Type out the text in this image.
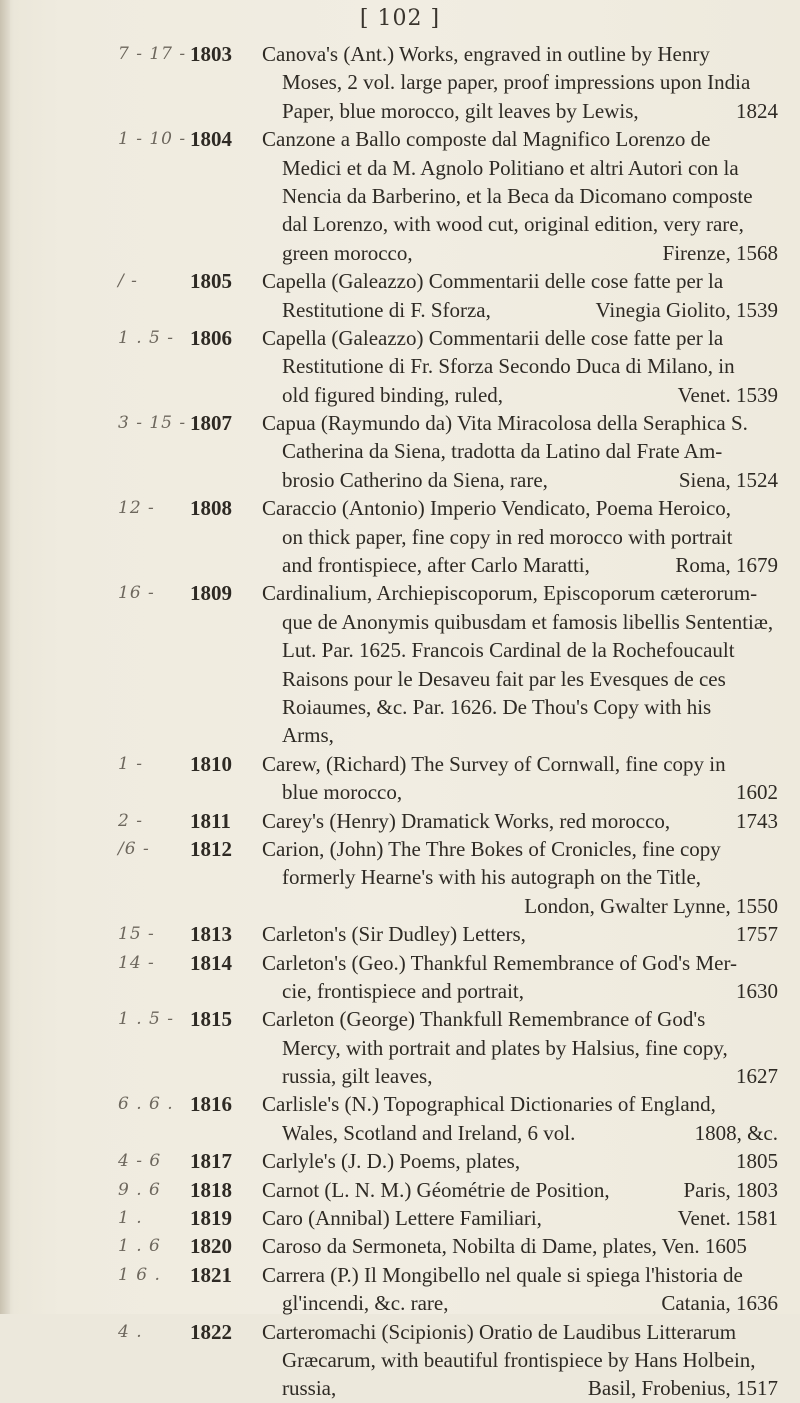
[ 102 ]
7 - 17 - 1803	Canova's (Ant.) Works, engraved in outline by Henry
Moses, 2 vol. large paper, proof impressions upon India
Paper, blue morocco, gilt leaves by Lewis,	1824
1 - 10 - 1804	Canzone a Ballo composte dal Magnifico Lorenzo de
Medici et da M. Agnolo Politiano et altri Autori con la
Nencia da Barberino, et la Beca da Dicomano composte
dal Lorenzo, with wood cut, original edition, very rare,
green morocco,	Firenze, 1568
/ -	1805	Capella (Galeazzo) Commentarii delle cose fatte per la
Restitutione di F. Sforza,	Vinegia Giolito, 1539
1 . 5 - 1806	Capella (Galeazzo) Commentarii delle cose fatte per la
Restitutione di Fr. Sforza Secondo Duca di Milano, in
old figured binding, ruled,	Venet. 1539
3 - 15 - 1807	Capua (Raymundo da) Vita Miracolosa della Seraphica S.
Catherina da Siena, tradotta da Latino dal Frate Am-
brosio Catherino da Siena, rare,	Siena, 1524
12 -	1808	Caraccio (Antonio) Imperio Vendicato, Poema Heroico,
on thick paper, fine copy in red morocco with portrait
and frontispiece, after Carlo Maratti,	Roma, 1679
16 -	1809	Cardinalium, Archiepiscoporum, Episcoporum cæterorum-
que de Anonymis quibusdam et famosis libellis Sententiæ,
Lut. Par. 1625. Francois Cardinal de la Rochefoucault
Raisons pour le Desaveu fait par les Evesques de ces
Roiaumes, &c. Par. 1626. De Thou's Copy with his
Arms,
1 -	1810	Carew, (Richard) The Survey of Cornwall, fine copy in
blue morocco,	1602
2 -	1811	Carey's (Henry) Dramatick Works, red morocco,	1743
/6 -	1812	Carion, (John) The Thre Bokes of Cronicles, fine copy
formerly Hearne's with his autograph on the Title,
London, Gwalter Lynne, 1550
15 -	1813	Carleton's (Sir Dudley) Letters,	1757
14 -	1814	Carleton's (Geo.) Thankful Remembrance of God's Mer-
cie, frontispiece and portrait,	1630
1 . 5 - 1815	Carleton (George) Thankfull Remembrance of God's
Mercy, with portrait and plates by Halsius, fine copy,
russia, gilt leaves,	1627
6 . 6 . 1816	Carlisle's (N.) Topographical Dictionaries of England,
Wales, Scotland and Ireland, 6 vol.	1808, &c.
4 - 6	1817	Carlyle's (J. D.) Poems, plates,	1805
9 . 6	1818	Carnot (L. N. M.) Géométrie de Position,	Paris, 1803
1 .	1819	Caro (Annibal) Lettere Familiari,	Venet. 1581
1 . 6	1820	Caroso da Sermoneta, Nobilta di Dame, plates, Ven. 1605
1 6 .	1821	Carrera (P.) Il Mongibello nel quale si spiega l'historia de
gl'incendi, &c. rare,	Catania, 1636
4 .	1822	Carteromachi (Scipionis) Oratio de Laudibus Litterarum
Græcarum, with beautiful frontispiece by Hans Holbein,
russia,	Basil, Frobenius, 1517
